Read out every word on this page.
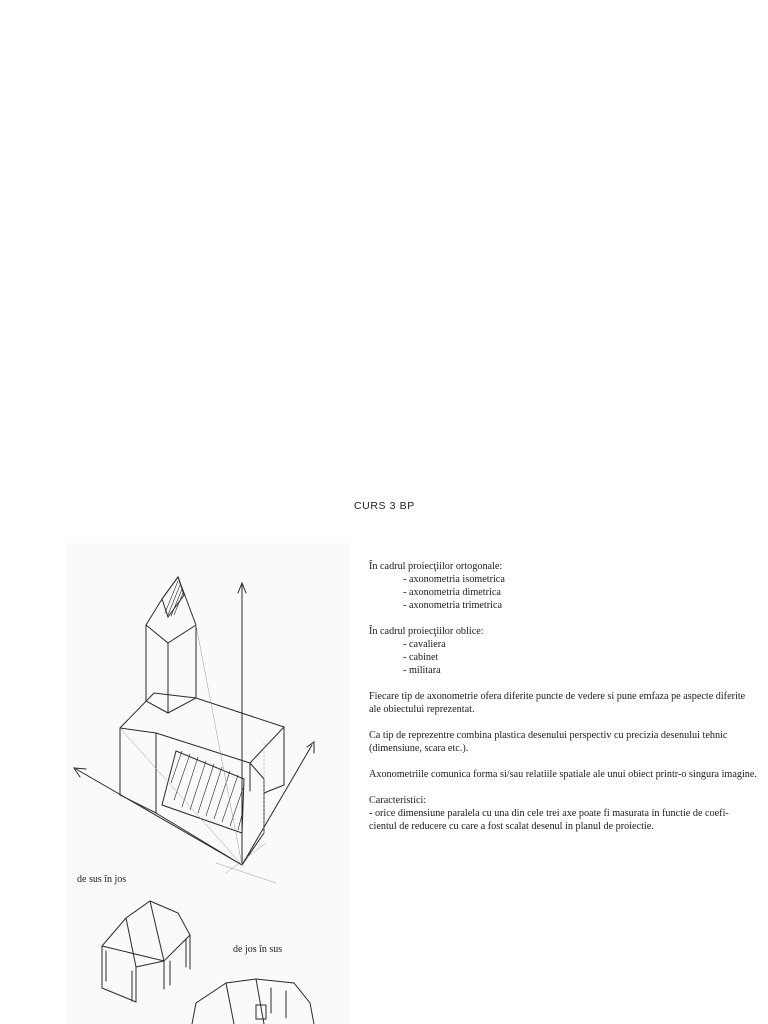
CURS 3 BP
de sus în jos
de jos în sus

În cadrul proiecţiilor ortogonale:
- axonometria isometrica
- axonometria dimetrica
- axonometria trimetrica

În cadrul proiecţiilor oblice:
- cavaliera
- cabinet
- militara

Fiecare tip de axonometrie ofera diferite puncte de vedere si pune emfaza pe aspecte diferite ale obiectului reprezentat.

Ca tip de reprezentre combina plastica desenului perspectiv cu precizia desenului tehnic (dimensiune, scara etc.).

Axonometriile comunica forma si/sau relatiile spatiale ale unui obiect printr-o singura imagine.

Caracteristici:
- orice dimensiune paralela cu una din cele trei axe poate fi masurata in functie de coefi-
cientul de reducere cu care a fost scalat desenul in planul de proiectie.
